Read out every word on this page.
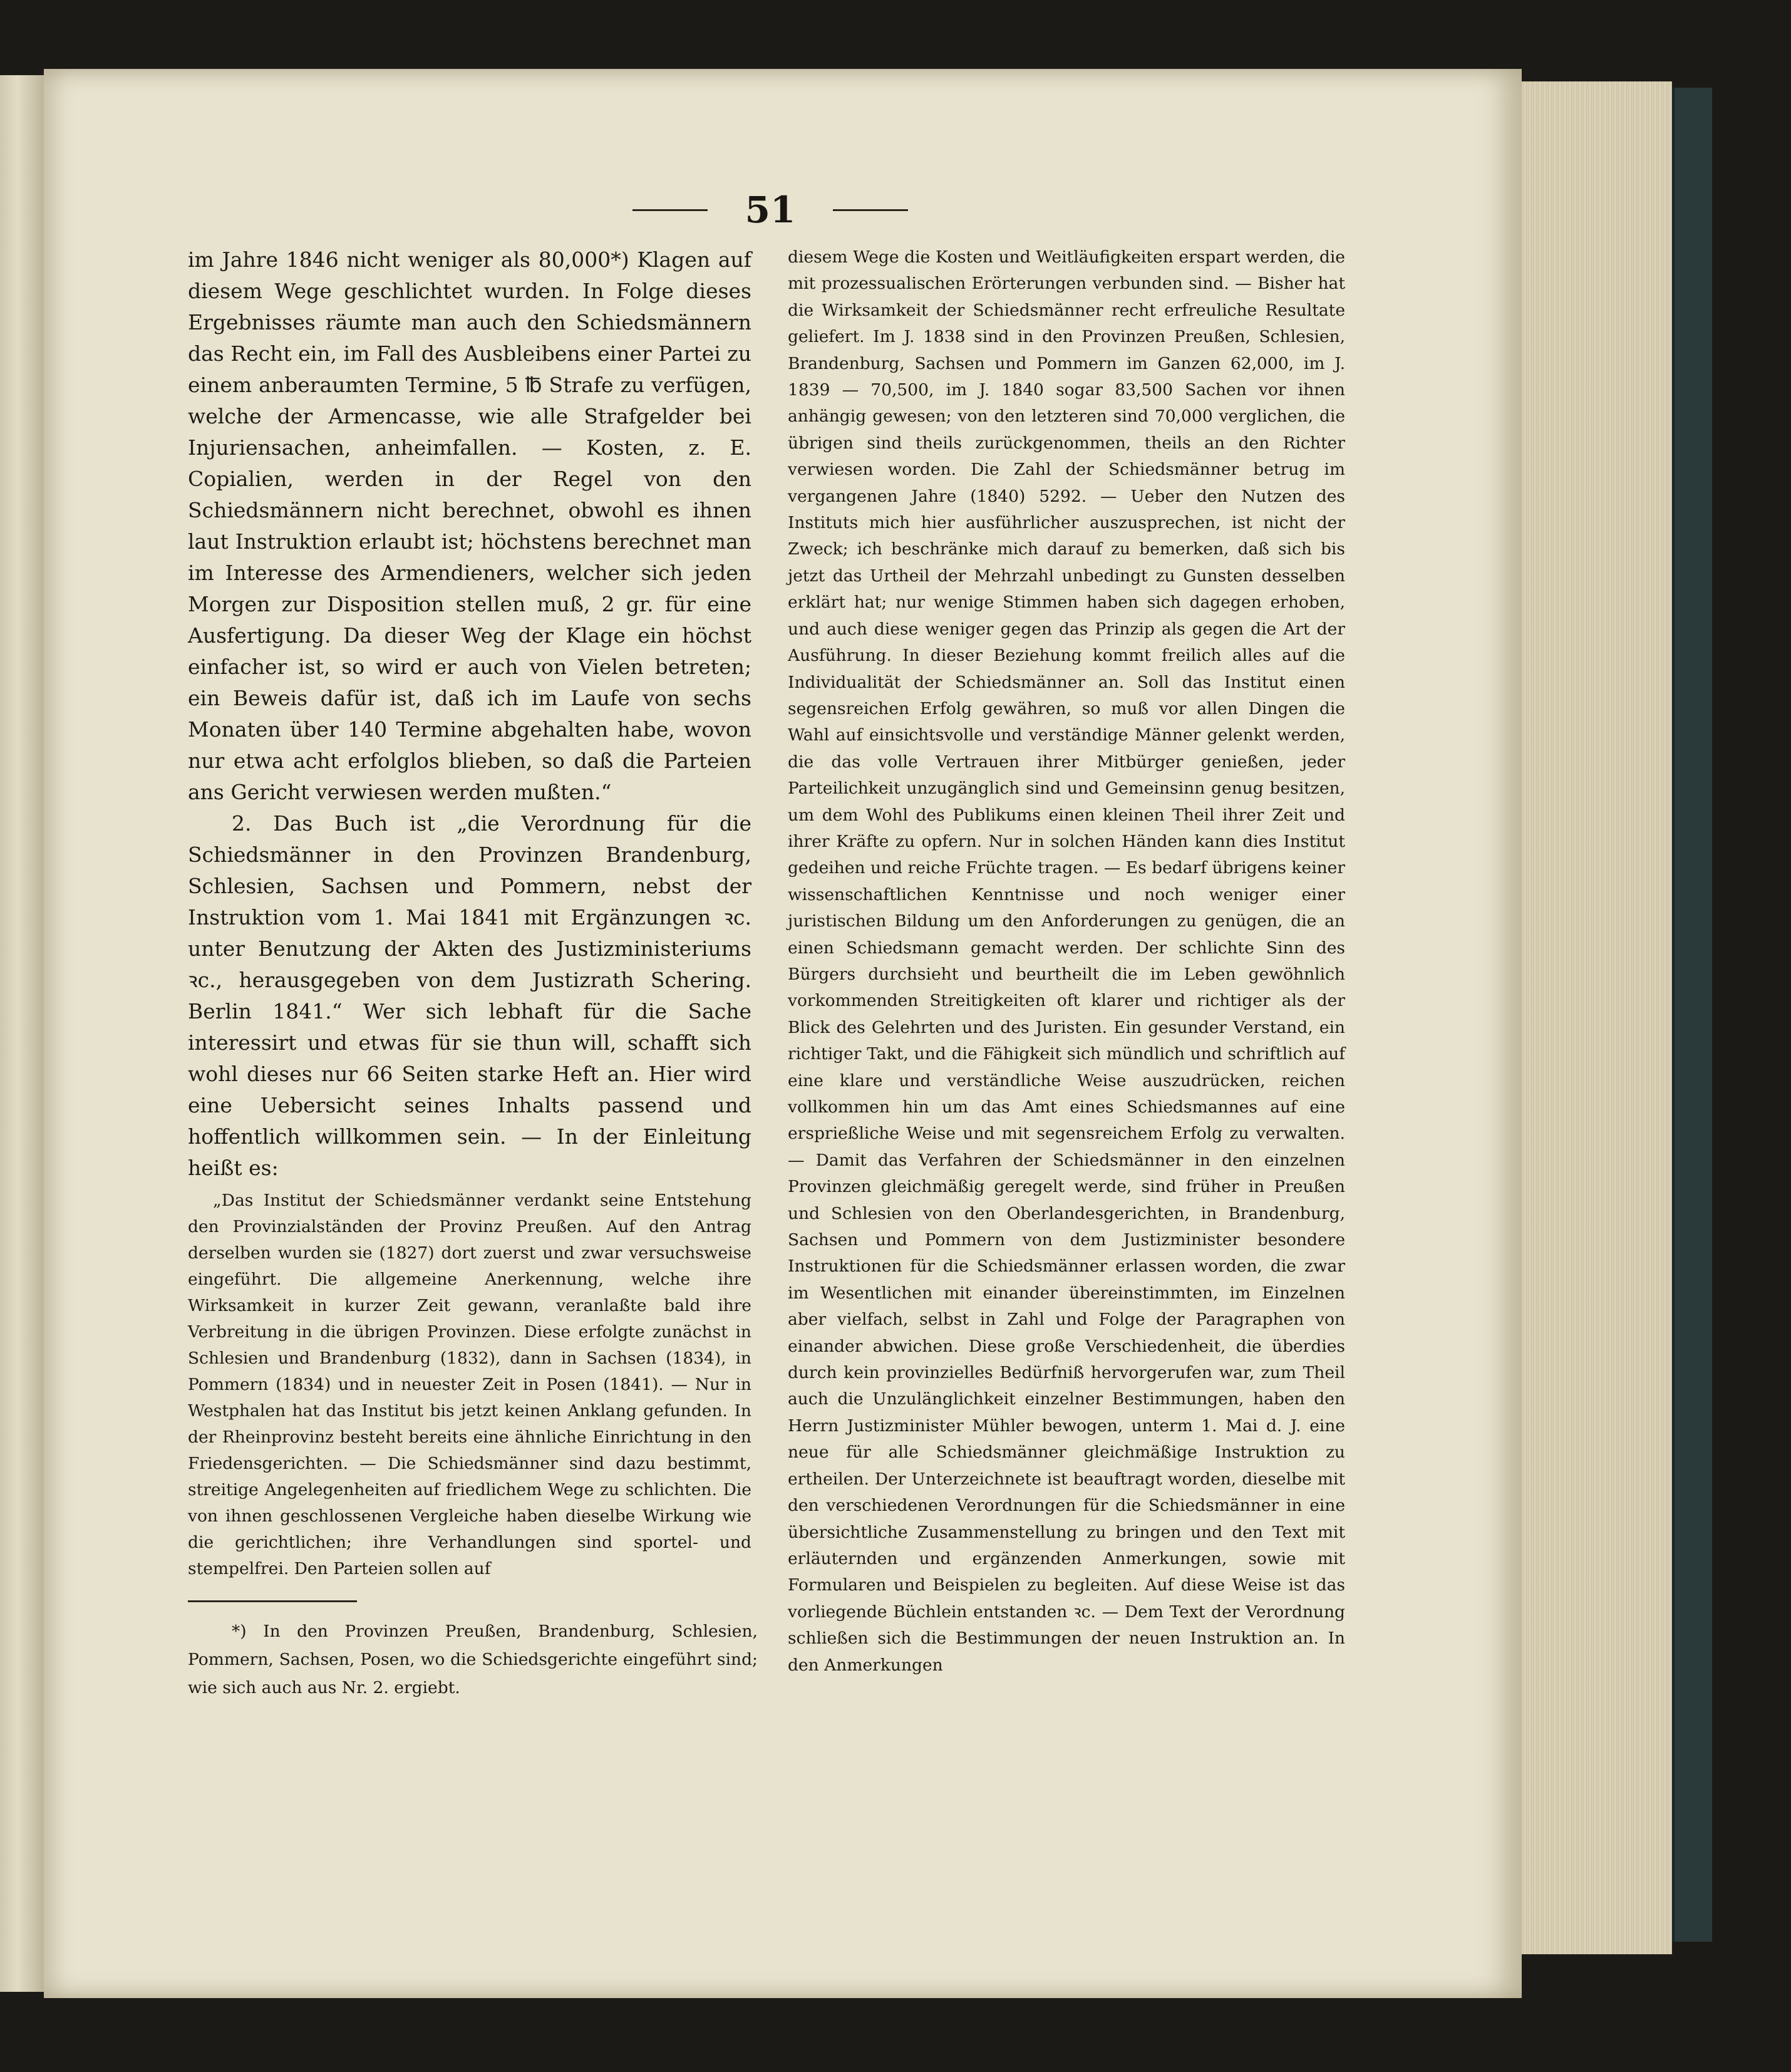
51

im Jahre 1846 nicht weniger als 80,000*) Klagen auf diesem Wege geschlichtet wurden. In Folge dieses Ergebnisses räumte man auch den Schiedsmännern das Recht ein, im Fall des Ausbleibens einer Partei zu einem anberaumten Termine, 5 ℔ Strafe zu verfügen, welche der Armencasse, wie alle Strafgelder bei Injuriensachen, anheimfallen. — Kosten, z. E. Copialien, werden in der Regel von den Schiedsmännern nicht berechnet, obwohl es ihnen laut Instruktion erlaubt ist; höchstens berechnet man im Interesse des Armendieners, welcher sich jeden Morgen zur Disposition stellen muß, 2 gr. für eine Ausfertigung. Da dieser Weg der Klage ein höchst einfacher ist, so wird er auch von Vielen betreten; ein Beweis dafür ist, daß ich im Laufe von sechs Monaten über 140 Termine abgehalten habe, wovon nur etwa acht erfolglos blieben, so daß die Parteien ans Gericht verwiesen werden mußten.“

2. Das Buch ist „die Verordnung für die Schiedsmänner in den Provinzen Brandenburg, Schlesien, Sachsen und Pommern, nebst der Instruktion vom 1. Mai 1841 mit Ergänzungen ꝛc. unter Benutzung der Akten des Justizministeriums ꝛc., herausgegeben von dem Justizrath Schering. Berlin 1841.“ Wer sich lebhaft für die Sache interessirt und etwas für sie thun will, schafft sich wohl dieses nur 66 Seiten starke Heft an. Hier wird eine Uebersicht seines Inhalts passend und hoffentlich willkommen sein. — In der Einleitung heißt es:

„Das Institut der Schiedsmänner verdankt seine Entstehung den Provinzialständen der Provinz Preußen. Auf den Antrag derselben wurden sie (1827) dort zuerst und zwar versuchsweise eingeführt. Die allgemeine Anerkennung, welche ihre Wirksamkeit in kurzer Zeit gewann, veranlaßte bald ihre Verbreitung in die übrigen Provinzen. Diese erfolgte zunächst in Schlesien und Brandenburg (1832), dann in Sachsen (1834), in Pommern (1834) und in neuester Zeit in Posen (1841). — Nur in Westphalen hat das Institut bis jetzt keinen Anklang gefunden. In der Rheinprovinz besteht bereits eine ähnliche Einrichtung in den Friedensgerichten. — Die Schiedsmänner sind dazu bestimmt, streitige Angelegenheiten auf friedlichem Wege zu schlichten. Die von ihnen geschlossenen Vergleiche haben dieselbe Wirkung wie die gerichtlichen; ihre Verhandlungen sind sportel- und stempelfrei. Den Parteien sollen auf

*) In den Provinzen Preußen, Brandenburg, Schlesien, Pommern, Sachsen, Posen, wo die Schiedsgerichte eingeführt sind; wie sich auch aus Nr. 2. ergiebt.

diesem Wege die Kosten und Weitläufigkeiten erspart werden, die mit prozessualischen Erörterungen verbunden sind. — Bisher hat die Wirksamkeit der Schiedsmänner recht erfreuliche Resultate geliefert. Im J. 1838 sind in den Provinzen Preußen, Schlesien, Brandenburg, Sachsen und Pommern im Ganzen 62,000, im J. 1839 — 70,500, im J. 1840 sogar 83,500 Sachen vor ihnen anhängig gewesen; von den letzteren sind 70,000 verglichen, die übrigen sind theils zurückgenommen, theils an den Richter verwiesen worden. Die Zahl der Schiedsmänner betrug im vergangenen Jahre (1840) 5292. — Ueber den Nutzen des Instituts mich hier ausführlicher auszusprechen, ist nicht der Zweck; ich beschränke mich darauf zu bemerken, daß sich bis jetzt das Urtheil der Mehrzahl unbedingt zu Gunsten desselben erklärt hat; nur wenige Stimmen haben sich dagegen erhoben, und auch diese weniger gegen das Prinzip als gegen die Art der Ausführung. In dieser Beziehung kommt freilich alles auf die Individualität der Schiedsmänner an. Soll das Institut einen segensreichen Erfolg gewähren, so muß vor allen Dingen die Wahl auf einsichtsvolle und verständige Männer gelenkt werden, die das volle Vertrauen ihrer Mitbürger genießen, jeder Parteilichkeit unzugänglich sind und Gemeinsinn genug besitzen, um dem Wohl des Publikums einen kleinen Theil ihrer Zeit und ihrer Kräfte zu opfern. Nur in solchen Händen kann dies Institut gedeihen und reiche Früchte tragen. — Es bedarf übrigens keiner wissenschaftlichen Kenntnisse und noch weniger einer juristischen Bildung um den Anforderungen zu genügen, die an einen Schiedsmann gemacht werden. Der schlichte Sinn des Bürgers durchsieht und beurtheilt die im Leben gewöhnlich vorkommenden Streitigkeiten oft klarer und richtiger als der Blick des Gelehrten und des Juristen. Ein gesunder Verstand, ein richtiger Takt, und die Fähigkeit sich mündlich und schriftlich auf eine klare und verständliche Weise auszudrücken, reichen vollkommen hin um das Amt eines Schiedsmannes auf eine ersprießliche Weise und mit segensreichem Erfolg zu verwalten. — Damit das Verfahren der Schiedsmänner in den einzelnen Provinzen gleichmäßig geregelt werde, sind früher in Preußen und Schlesien von den Oberlandesgerichten, in Brandenburg, Sachsen und Pommern von dem Justizminister besondere Instruktionen für die Schiedsmänner erlassen worden, die zwar im Wesentlichen mit einander übereinstimmten, im Einzelnen aber vielfach, selbst in Zahl und Folge der Paragraphen von einander abwichen. Diese große Verschiedenheit, die überdies durch kein provinzielles Bedürfniß hervorgerufen war, zum Theil auch die Unzulänglichkeit einzelner Bestimmungen, haben den Herrn Justizminister Mühler bewogen, unterm 1. Mai d. J. eine neue für alle Schiedsmänner gleichmäßige Instruktion zu ertheilen. Der Unterzeichnete ist beauftragt worden, dieselbe mit den verschiedenen Verordnungen für die Schiedsmänner in eine übersichtliche Zusammenstellung zu bringen und den Text mit erläuternden und ergänzenden Anmerkungen, sowie mit Formularen und Beispielen zu begleiten. Auf diese Weise ist das vorliegende Büchlein entstanden ꝛc. — Dem Text der Verordnung schließen sich die Bestimmungen der neuen Instruktion an. In den Anmerkungen
